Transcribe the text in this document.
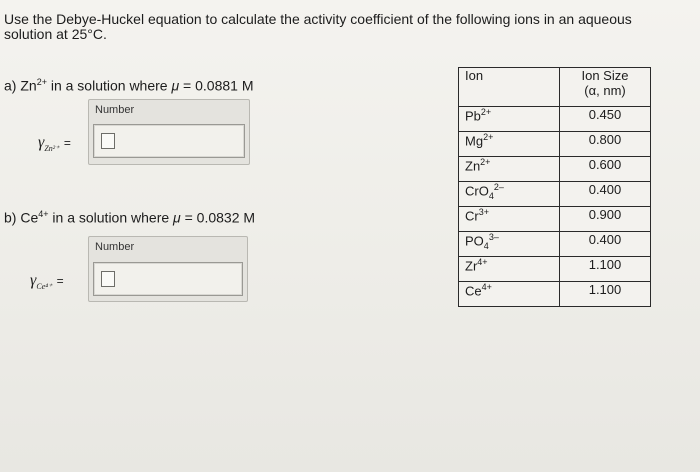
Use the Debye-Huckel equation to calculate the activity coefficient of the following ions in an aqueous
solution at 25°C.
a) $Zn^{2+}$ in a solution where μ = 0.0881 M
Number
$\gamma_{Zn^{2+}}$ =
b) $Ce^{4+}$ in a solution where μ = 0.0832 M
Number
$\gamma_{Ce^{4+}}$ =
Ion	Ion Size
(α, nm)

$Pb^{2+}$	0.450
$Mg^{2+}$	0.800
$Zn^{2+}$	0.600
CrO$_4^{2-}$	0.400
$Cr^{3+}$	0.900
$PO_4^{3-}$	0.400
$Zr^{4+}$	1.100
$Ce^{4+}$	1.100
